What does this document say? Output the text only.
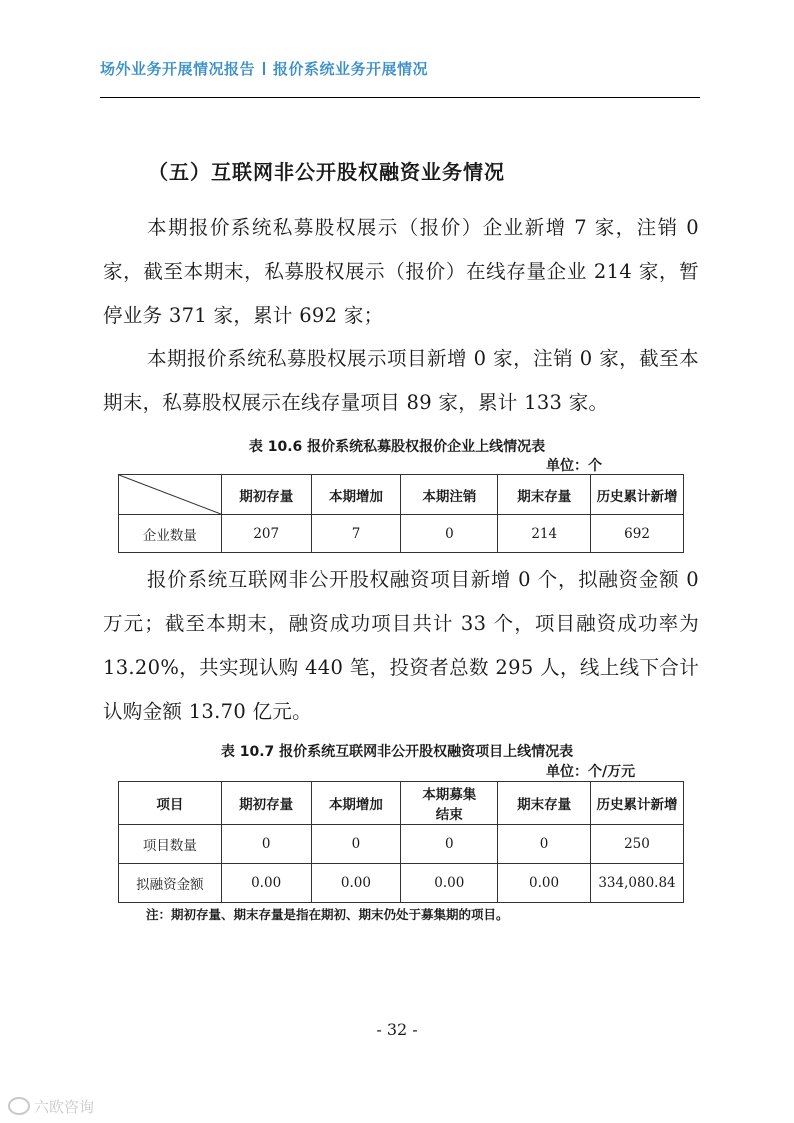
场外业务开展情况报告 报价系统业务开展情况
（五）互联网非公开股权融资业务情况
本期报价系统私募股权展示（报价）企业新增 7 家，注销 0 家，截至本期末，私募股权展示（报价）在线存量企业 214 家，暂停业务 371 家，累计 692 家；
本期报价系统私募股权展示项目新增 0 家，注销 0 家，截至本期末，私募股权展示在线存量项目 89 家，累计 133 家。
表 10.6 报价系统私募股权报价企业上线情况表
单位：个
	期初存量	本期增加	本期注销	期末存量	历史累计新增
企业数量	207	7	0	214	692
报价系统互联网非公开股权融资项目新增 0 个，拟融资金额 0 万元；截至本期末，融资成功项目共计 33 个，项目融资成功率为 13.20%，共实现认购 440 笔，投资者总数 295 人，线上线下合计认购金额 13.70 亿元。
表 10.7 报价系统互联网非公开股权融资项目上线情况表
单位：个/万元
项目	期初存量	本期增加	本期募集结束	期末存量	历史累计新增
项目数量	0	0	0	0	250
拟融资金额	0.00	0.00	0.00	0.00	334,080.84
注：期初存量、期末存量是指在期初、期末仍处于募集期的项目。
- 32 -
六欧咨询
